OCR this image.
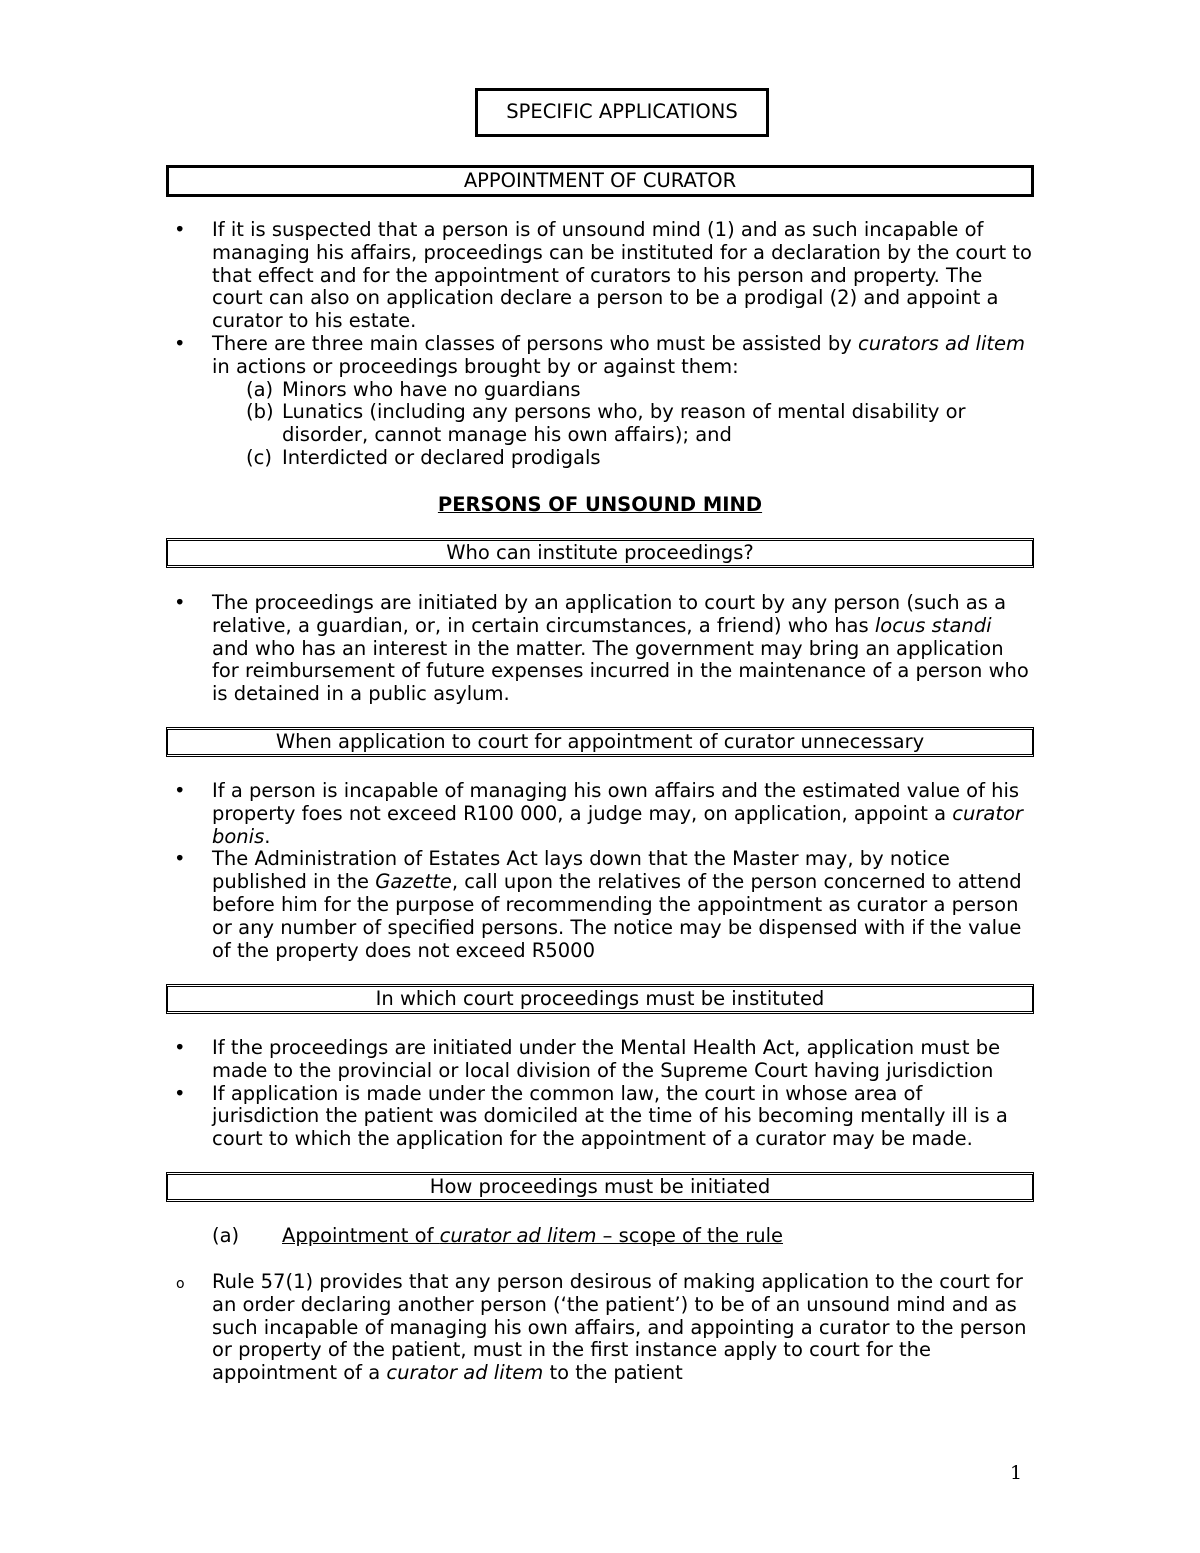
SPECIFIC APPLICATIONS
APPOINTMENT OF CURATOR
• If it is suspected that a person is of unsound mind (1) and as such incapable of managing his affairs, proceedings can be instituted for a declaration by the court to that effect and for the appointment of curators to his person and property. The court can also on application declare a person to be a prodigal (2) and appoint a curator to his estate.
• There are three main classes of persons who must be assisted by curators ad litem in actions or proceedings brought by or against them:
(a) Minors who have no guardians
(b) Lunatics (including any persons who, by reason of mental disability or disorder, cannot manage his own affairs); and
(c) Interdicted or declared prodigals
PERSONS OF UNSOUND MIND
Who can institute proceedings?
• The proceedings are initiated by an application to court by any person (such as a relative, a guardian, or, in certain circumstances, a friend) who has locus standi and who has an interest in the matter. The government may bring an application for reimbursement of future expenses incurred in the maintenance of a person who is detained in a public asylum.
When application to court for appointment of curator unnecessary
• If a person is incapable of managing his own affairs and the estimated value of his property foes not exceed R100 000, a judge may, on application, appoint a curator bonis.
• The Administration of Estates Act lays down that the Master may, by notice published in the Gazette, call upon the relatives of the person concerned to attend before him for the purpose of recommending the appointment as curator a person or any number of specified persons. The notice may be dispensed with if the value of the property does not exceed R5000
In which court proceedings must be instituted
• If the proceedings are initiated under the Mental Health Act, application must be made to the provincial or local division of the Supreme Court having jurisdiction
• If application is made under the common law, the court in whose area of jurisdiction the patient was domiciled at the time of his becoming mentally ill is a court to which the application for the appointment of a curator may be made.
How proceedings must be initiated
(a) Appointment of curator ad litem – scope of the rule
o Rule 57(1) provides that any person desirous of making application to the court for an order declaring another person (‘the patient’) to be of an unsound mind and as such incapable of managing his own affairs, and appointing a curator to the person or property of the patient, must in the first instance apply to court for the appointment of a curator ad litem to the patient
1
